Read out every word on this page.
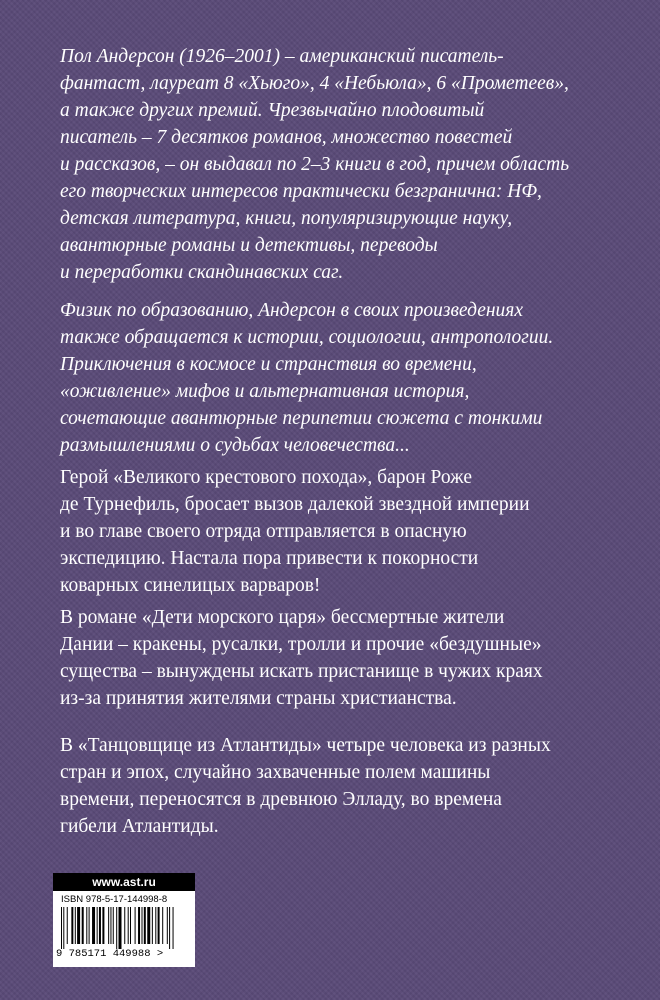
Пол Андерсон (1926–2001) – американский писатель-
фантаст, лауреат 8 «Хьюго», 4 «Небьюла», 6 «Прометеев»,
а также других премий. Чрезвычайно плодовитый
писатель – 7 десятков романов, множество повестей
и рассказов, – он выдавал по 2–3 книги в год, причем область
его творческих интересов практически безгранична: НФ,
детская литература, книги, популяризирующие науку,
авантюрные романы и детективы, переводы
и переработки скандинавских саг.
Физик по образованию, Андерсон в своих произведениях
также обращается к истории, социологии, антропологии.
Приключения в космосе и странствия во времени,
«оживление» мифов и альтернативная история,
сочетающие авантюрные перипетии сюжета с тонкими
размышлениями о судьбах человечества...
Герой «Великого крестового похода», барон Роже
де Турнефиль, бросает вызов далекой звездной империи
и во главе своего отряда отправляется в опасную
экспедицию. Настала пора привести к покорности
коварных синелицых варваров!
В романе «Дети морского царя» бессмертные жители
Дании – кракены, русалки, тролли и прочие «бездушные»
существа – вынуждены искать пристанище в чужих краях
из-за принятия жителями страны христианства.
В «Танцовщице из Атлантиды» четыре человека из разных
стран и эпох, случайно захваченные полем машины
времени, переносятся в древнюю Элладу, во времена
гибели Атлантиды.
www.ast.ru
ISBN 978-5-17-144998-8
9 785171 449988 >
